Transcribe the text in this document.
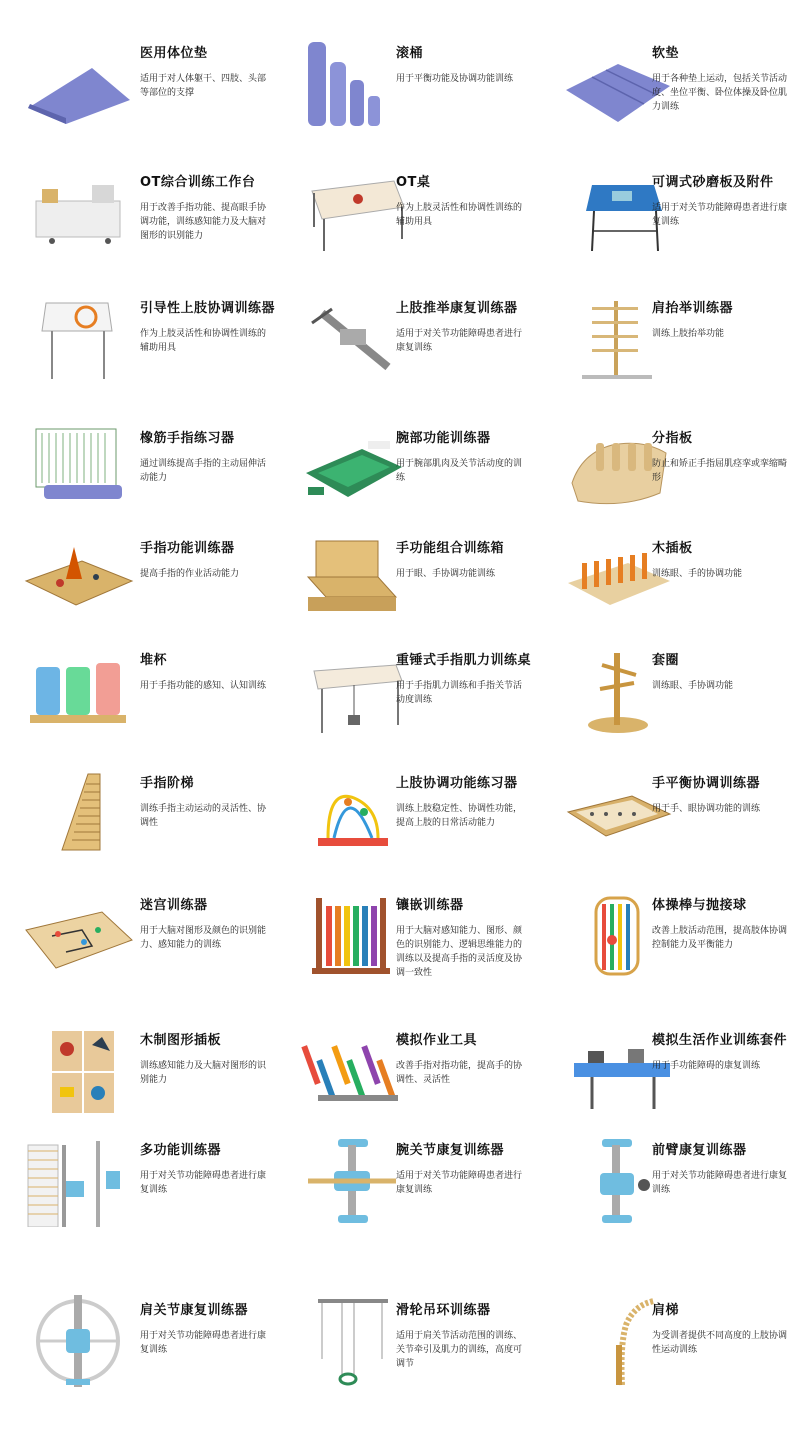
医用体位垫
适用于对人体躯干、四肢、头部等部位的支撑
滚桶
用于平衡功能及协调功能训练
软垫
用于各种垫上运动，包括关节活动度、坐位平衡、卧位体操及卧位肌力训练
OT综合训练工作台
用于改善手指功能、提高眼手协调功能，训练感知能力及大脑对图形的识别能力
OT桌
作为上肢灵活性和协调性训练的辅助用具
可调式砂磨板及附件
适用于对关节功能障碍患者进行康复训练
引导性上肢协调训练器
作为上肢灵活性和协调性训练的辅助用具
上肢推举康复训练器
适用于对关节功能障碍患者进行康复训练
肩抬举训练器
训练上肢抬举功能
橡筋手指练习器
通过训练提高手指的主动屈伸活动能力
腕部功能训练器
用于腕部肌肉及关节活动度的训练
分指板
防止和矫正手指屈肌痉挛或挛缩畸形
手指功能训练器
提高手指的作业活动能力
手功能组合训练箱
用于眼、手协调功能训练
木插板
训练眼、手的协调功能
堆杯
用于手指功能的感知、认知训练
重锤式手指肌力训练桌
用于手指肌力训练和手指关节活动度训练
套圈
训练眼、手协调功能
手指阶梯
训练手指主动运动的灵活性、协调性
上肢协调功能练习器
训练上肢稳定性、协调性功能，提高上肢的日常活动能力
手平衡协调训练器
用于手、眼协调功能的训练
迷宫训练器
用于大脑对图形及颜色的识别能力、感知能力的训练
镶嵌训练器
用于大脑对感知能力、图形、颜色的识别能力、逻辑思维能力的训练以及提高手指的灵活度及协调一致性
体操棒与抛接球
改善上肢活动范围，提高肢体协调控制能力及平衡能力
木制图形插板
训练感知能力及大脑对图形的识别能力
模拟作业工具
改善手指对指功能，提高手的协调性、灵活性
模拟生活作业训练套件
用于手功能障碍的康复训练
多功能训练器
用于对关节功能障碍患者进行康复训练
腕关节康复训练器
适用于对关节功能障碍患者进行康复训练
前臂康复训练器
用于对关节功能障碍患者进行康复训练
肩关节康复训练器
用于对关节功能障碍患者进行康复训练
滑轮吊环训练器
适用于肩关节活动范围的训练、关节牵引及肌力的训练，高度可调节
肩梯
为受训者提供不同高度的上肢协调性运动训练
